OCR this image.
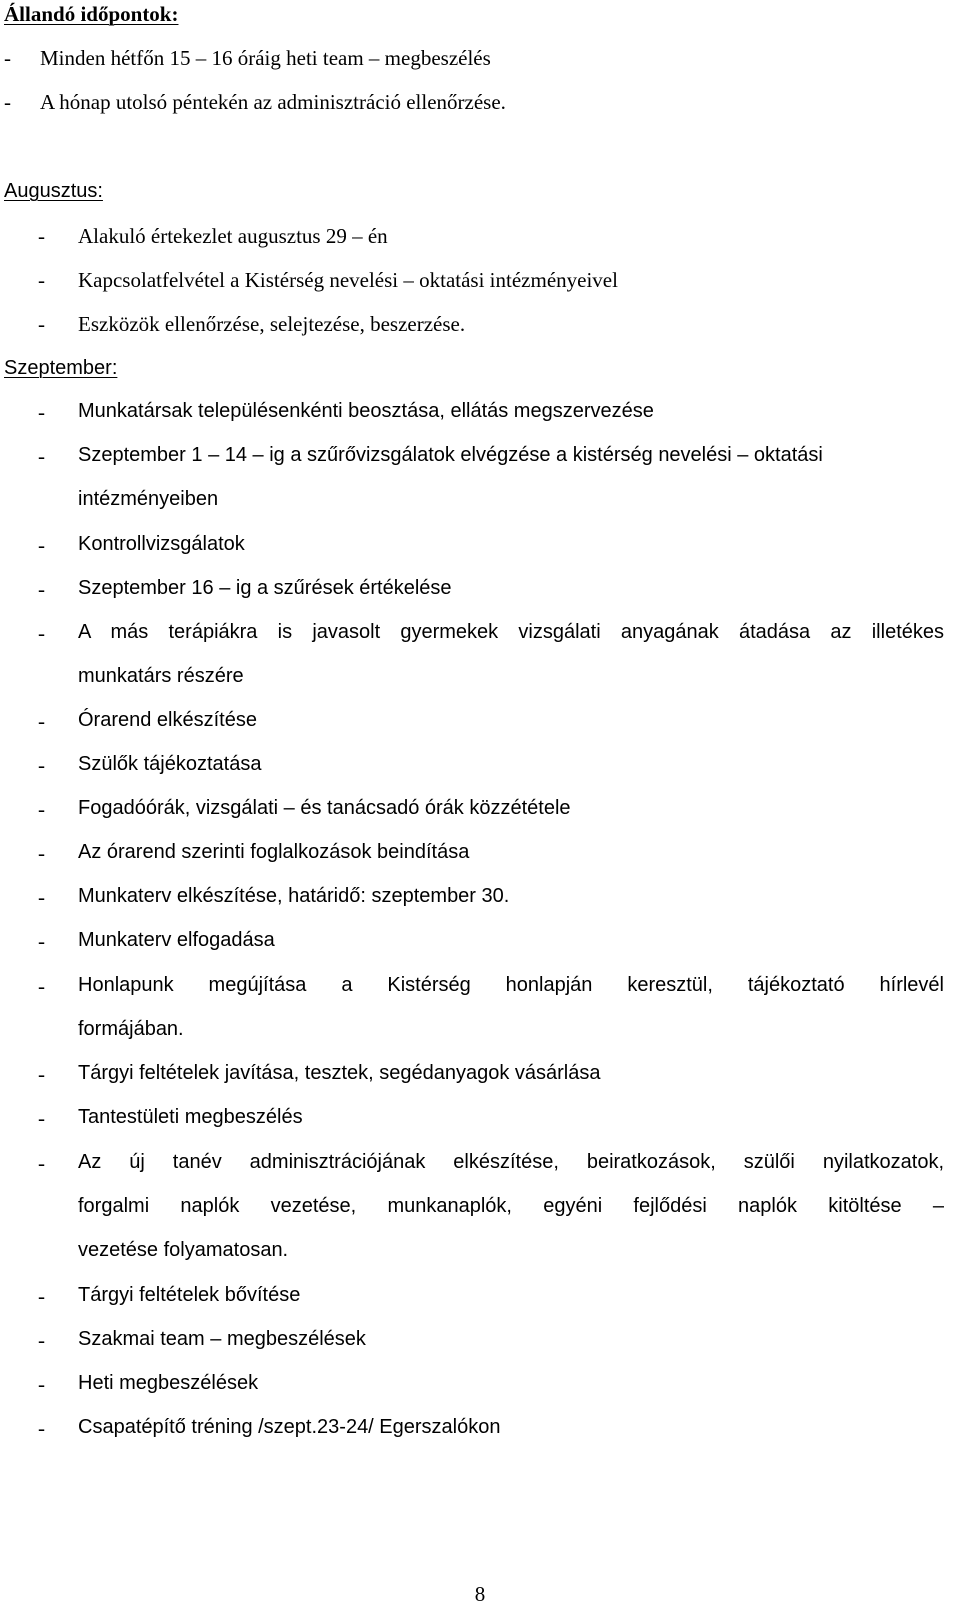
Állandó időpontok:
- Minden hétfőn 15 – 16 óráig heti team – megbeszélés
- A hónap utolsó péntekén az adminisztráció ellenőrzése.
Augusztus:
- Alakuló értekezlet augusztus 29 – én
- Kapcsolatfelvétel a Kistérség nevelési – oktatási intézményeivel
- Eszközök ellenőrzése, selejtezése, beszerzése.
Szeptember:
- Munkatársak településenkénti beosztása, ellátás megszervezése
- Szeptember 1 – 14 – ig a szűrővizsgálatok elvégzése a kistérség nevelési – oktatási
intézményeiben
- Kontrollvizsgálatok
- Szeptember 16 – ig a szűrések értékelése
- A más terápiákra is javasolt gyermekek vizsgálati anyagának átadása az illetékes
munkatárs részére
- Órarend elkészítése
- Szülők tájékoztatása
- Fogadóórák, vizsgálati – és tanácsadó órák közzététele
- Az órarend szerinti foglalkozások beindítása
- Munkaterv elkészítése, határidő: szeptember 30.
- Munkaterv elfogadása
- Honlapunk megújítása a Kistérség honlapján keresztül, tájékoztató hírlevél
formájában.
- Tárgyi feltételek javítása, tesztek, segédanyagok vásárlása
- Tantestületi megbeszélés
- Az új tanév adminisztrációjának elkészítése, beiratkozások, szülői nyilatkozatok,
forgalmi naplók vezetése, munkanaplók, egyéni fejlődési naplók kitöltése –
vezetése folyamatosan.
- Tárgyi feltételek bővítése
- Szakmai team – megbeszélések
- Heti megbeszélések
- Csapatépítő tréning /szept.23-24/ Egerszalókon
8
